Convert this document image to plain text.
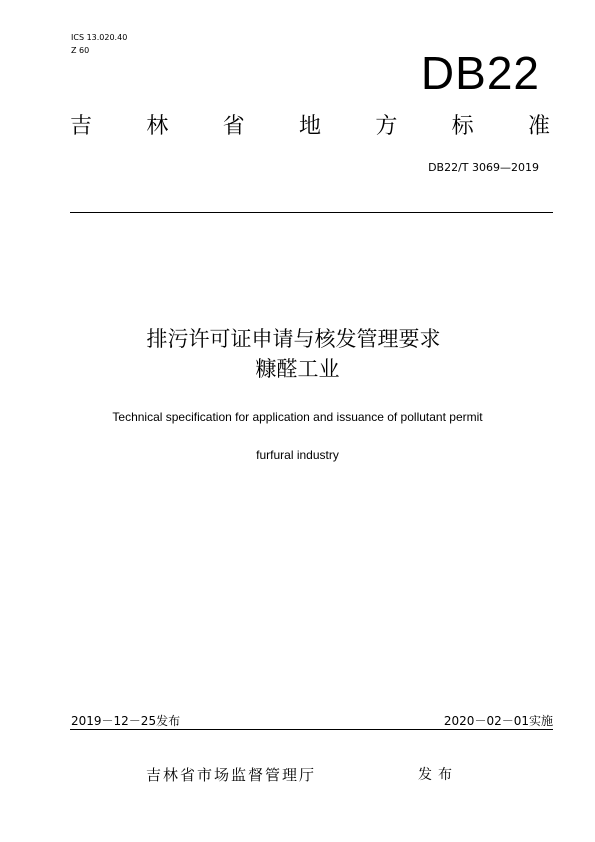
ICS 13.020.40
Z 60	DB22
吉 林 省 地 方 标 准
DB22/T 3069—2019
排污许可证申请与核发管理要求
糠醛工业
Technical specification for application and issuance of pollutant permit
furfural industry
2019－12－25发布	2020－02－01实施
吉林省市场监督管理厅	发布
